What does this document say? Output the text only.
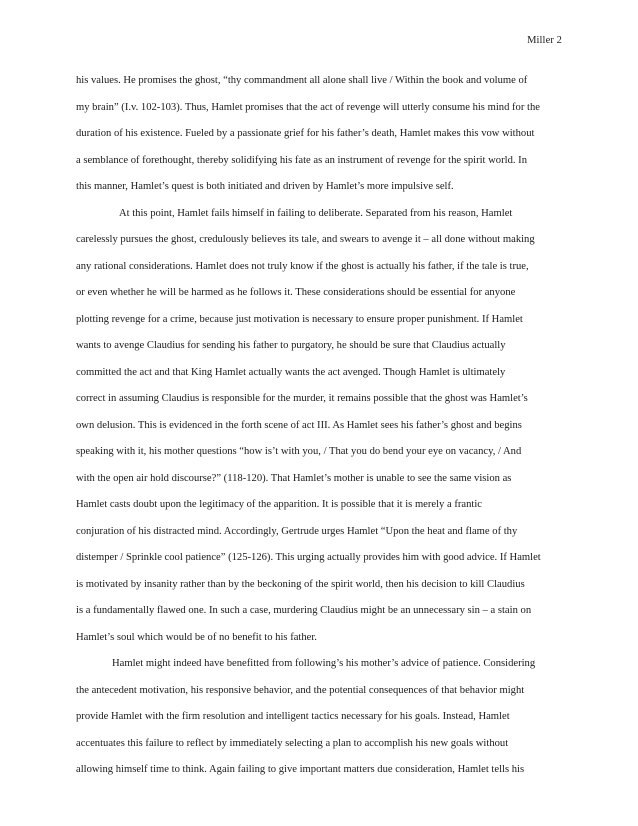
Miller 2
his values. He promises the ghost, “thy commandment all alone shall live / Within the book and volume of
my brain” (I.v. 102-103). Thus, Hamlet promises that the act of revenge will utterly consume his mind for the
duration of his existence. Fueled by a passionate grief for his father’s death, Hamlet makes this vow without
a semblance of forethought, thereby solidifying his fate as an instrument of revenge for the spirit world. In
this manner, Hamlet’s quest is both initiated and driven by Hamlet’s more impulsive self.
At this point, Hamlet fails himself in failing to deliberate. Separated from his reason, Hamlet
carelessly pursues the ghost, credulously believes its tale, and swears to avenge it – all done without making
any rational considerations. Hamlet does not truly know if the ghost is actually his father, if the tale is true,
or even whether he will be harmed as he follows it. These considerations should be essential for anyone
plotting revenge for a crime, because just motivation is necessary to ensure proper punishment. If Hamlet
wants to avenge Claudius for sending his father to purgatory, he should be sure that Claudius actually
committed the act and that King Hamlet actually wants the act avenged. Though Hamlet is ultimately
correct in assuming Claudius is responsible for the murder, it remains possible that the ghost was Hamlet’s
own delusion. This is evidenced in the forth scene of act III. As Hamlet sees his father’s ghost and begins
speaking with it, his mother questions “how is’t with you, / That you do bend your eye on vacancy, / And
with the open air hold discourse?” (118-120). That Hamlet’s mother is unable to see the same vision as
Hamlet casts doubt upon the legitimacy of the apparition. It is possible that it is merely a frantic
conjuration of his distracted mind. Accordingly, Gertrude urges Hamlet “Upon the heat and flame of thy
distemper / Sprinkle cool patience” (125-126). This urging actually provides him with good advice. If Hamlet
is motivated by insanity rather than by the beckoning of the spirit world, then his decision to kill Claudius
is a fundamentally flawed one. In such a case, murdering Claudius might be an unnecessary sin – a stain on
Hamlet’s soul which would be of no benefit to his father.
Hamlet might indeed have benefitted from following’s his mother’s advice of patience. Considering
the antecedent motivation, his responsive behavior, and the potential consequences of that behavior might
provide Hamlet with the firm resolution and intelligent tactics necessary for his goals. Instead, Hamlet
accentuates this failure to reflect by immediately selecting a plan to accomplish his new goals without
allowing himself time to think. Again failing to give important matters due consideration, Hamlet tells his
